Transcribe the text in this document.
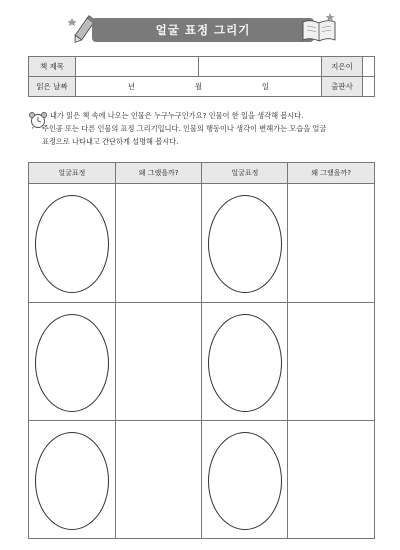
얼굴 표정 그리기
책 제목			지은이	
읽은 날짜	년 월 일		출판사	
내가 읽은 책 속에 나오는 인물은 누구누구인가요? 인물이 한 일을 생각해 봅시다.
주인공 또는 다른 인물의 표정 그리기입니다. 인물의 행동이나 생각이 변해가는 모습을 얼굴
표정으로 나타내고 간단하게 설명해 봅시다.
얼굴표정	왜 그랬을까?	얼굴표정	왜 그랬을까?
